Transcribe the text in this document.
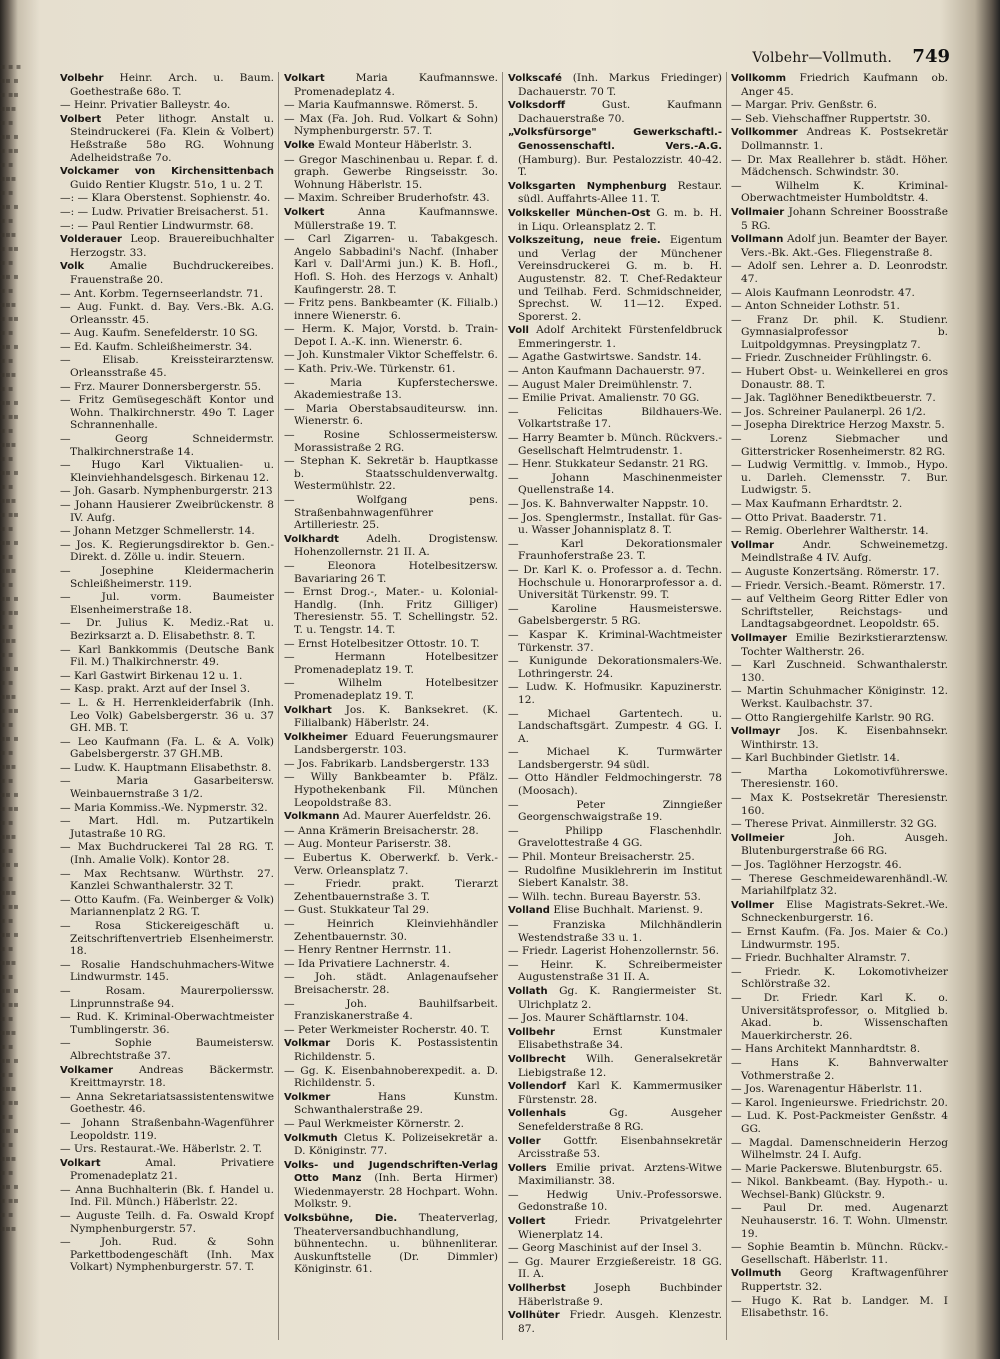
▪ ▪ ▪
▪▪ ▪
▪ ▪▪
▪▪▪
▪ ▪
▪▪ ▪
▪ ▪▪
▪ ▪
▪▪▪
▪ ▪
▪▪ ▪
▪ ▪
▪▪▪
▪ ▪▪
▪ ▪
▪▪ ▪
▪ ▪
▪▪▪
▪ ▪▪
▪ ▪
▪▪ ▪
▪ ▪
▪▪▪
▪ ▪
▪▪ ▪
▪ ▪▪
▪ ▪
▪▪▪
▪ ▪
▪▪ ▪
▪ ▪
▪▪▪
▪ ▪▪
▪ ▪
▪▪ ▪
▪ ▪
▪▪▪
▪ ▪
▪▪ ▪
▪ ▪▪
▪ ▪
▪▪▪
▪ ▪
▪▪ ▪
▪ ▪
▪▪▪
▪ ▪▪
▪ ▪
▪▪ ▪
▪ ▪
▪▪▪
▪ ▪
▪▪ ▪
▪ ▪▪
▪ ▪
▪▪▪
▪ ▪
▪▪ ▪
▪ ▪
▪▪▪
▪ ▪▪
▪ ▪
▪▪ ▪
▪ ▪
▪▪▪
▪ ▪
▪▪ ▪
▪ ▪▪
▪ ▪
▪▪▪
▪ ▪
▪▪ ▪
▪ ▪
▪▪▪
▪ ▪▪
▪ ▪
▪▪ ▪
▪ ▪
▪▪▪
▪ ▪
▪▪ ▪
▪ ▪▪
▪ ▪
▪▪▪
Volbehr—Vollmuth. 749
Volbehr Heinr. Arch. u. Baum. Goethestraße 68o. T.
— Heinr. Privatier Balleystr. 4o.
Volbert Peter lithogr. Anstalt u. Steindruckerei (Fa. Klein & Volbert) Heßstraße 58o RG. Wohnung Adelheidstraße 7o.
Volckamer von Kirchensittenbach Guido Rentier Klugstr. 51o, 1 u. 2 T.
—: — Klara Oberstenst. Sophienstr. 4o.
—: — Ludw. Privatier Breisacherst. 51.
—: — Paul Rentier Lindwurmstr. 68.
Volderauer Leop. Brauereibuchhalter Herzogstr. 33.
Volk Amalie Buchdruckereibes. Frauenstraße 20.
— Ant. Korbm. Tegernseerlandstr. 71.
— Aug. Funkt. d. Bay. Vers.-Bk. A.G. Orleansstr. 45.
— Aug. Kaufm. Senefelderstr. 10 SG.
— Ed. Kaufm. Schleißheimerstr. 34.
— Elisab. Kreissteirarztensw. Orleansstraße 45.
— Frz. Maurer Donnersbergerstr. 55.
— Fritz Gemüsegeschäft Kontor und Wohn. Thalkirchnerstr. 49o T. Lager Schrannenhalle.
— Georg Schneidermstr. Thalkirchnerstraße 14.
— Hugo Karl Viktualien- u. Kleinviehhandelsgesch. Birkenau 12.
— Joh. Gasarb. Nymphenburgerstr. 213
— Johann Hausierer Zweibrückenstr. 8 IV. Aufg.
— Johann Metzger Schmellerstr. 14.
— Jos. K. Regierungsdirektor b. Gen.-Direkt. d. Zölle u. indir. Steuern.
— Josephine Kleidermacherin Schleißheimerstr. 119.
— Jul. vorm. Baumeister Elsenheimerstraße 18.
— Dr. Julius K. Mediz.-Rat u. Bezirksarzt a. D. Elisabethstr. 8. T.
— Karl Bankkommis (Deutsche Bank Fil. M.) Thalkirchnerstr. 49.
— Karl Gastwirt Birkenau 12 u. 1.
— Kasp. prakt. Arzt auf der Insel 3.
— L. & H. Herrenkleiderfabrik (Inh. Leo Volk) Gabelsbergerstr. 36 u. 37 GH. MB. T.
— Leo Kaufmann (Fa. L. & A. Volk) Gabelsbergerstr. 37 GH.MB.
— Ludw. K. Hauptmann Elisabethstr. 8.
— Maria Gasarbeitersw. Weinbauernstraße 3 1/2.
— Maria Kommiss.-We. Nypmerstr. 32.
— Mart. Hdl. m. Putzartikeln Jutastraße 10 RG.
— Max Buchdruckerei Tal 28 RG. T. (Inh. Amalie Volk). Kontor 28.
— Max Rechtsanw. Würthstr. 27. Kanzlei Schwanthalerstr. 32 T.
— Otto Kaufm. (Fa. Weinberger & Volk) Mariannenplatz 2 RG. T.
— Rosa Stickereigeschäft u. Zeitschriftenvertrieb Elsenheimerstr. 18.
— Rosalie Handschuhmachers-Witwe Lindwurmstr. 145.
— Rosam. Maurerpolierssw. Linprunnstraße 94.
— Rud. K. Kriminal-Oberwachtmeister Tumblingerstr. 36.
— Sophie Baumeistersw. Albrechtstraße 37.
Volkamer Andreas Bäckermstr. Kreittmayrstr. 18.
— Anna Sekretariatsassistentenswitwe Goethestr. 46.
— Johann Straßenbahn-Wagenführer Leopoldstr. 119.
— Urs. Restaurat.-We. Häberlstr. 2. T.
Volkart Amal. Privatiere Promenadeplatz 21.
— Anna Buchhalterin (Bk. f. Handel u. Ind. Fil. Münch.) Häberlstr. 22.
— Auguste Teilh. d. Fa. Oswald Kropf Nymphenburgerstr. 57.
— Joh. Rud. & Sohn Parkettbodengeschäft (Inh. Max Volkart) Nymphenburgerstr. 57. T.
Volkart Maria Kaufmannswe. Promenadeplatz 4.
— Maria Kaufmannswe. Römerst. 5.
— Max (Fa. Joh. Rud. Volkart & Sohn) Nymphenburgerstr. 57. T.
Volke Ewald Monteur Häberlstr. 3.
— Gregor Maschinenbau u. Repar. f. d. graph. Gewerbe Ringseisstr. 3o. Wohnung Häberlstr. 15.
— Maxim. Schreiber Bruderhofstr. 43.
Volkert Anna Kaufmannswe. Müllerstraße 19. T.
— Carl Zigarren- u. Tabakgesch. Angelo Sabbadini's Nachf. (Inhaber Karl v. Dall'Armi jun.) K. B. Hofl., Hofl. S. Hoh. des Herzogs v. Anhalt) Kaufingerstr. 28. T.
— Fritz pens. Bankbeamter (K. Filialb.) innere Wienerstr. 6.
— Herm. K. Major, Vorstd. b. Train-Depot I. A.-K. inn. Wienerstr. 6.
— Joh. Kunstmaler Viktor Scheffelstr. 6.
— Kath. Priv.-We. Türkenstr. 61.
— Maria Kupferstecherswe. Akademiestraße 13.
— Maria Oberstabsauditeursw. inn. Wienerstr. 6.
— Rosine Schlossermeistersw. Morassistraße 2 RG.
— Stephan K. Sekretär b. Hauptkasse b. Staatsschuldenverwaltg. Westermühlstr. 22.
— Wolfgang pens. Straßenbahnwagenführer Artilleriestr. 25.
Volkhardt Adelh. Drogistensw. Hohenzollernstr. 21 II. A.
— Eleonora Hotelbesitzersw. Bavariaring 26 T.
— Ernst Drog.-, Mater.- u. Kolonial-Handlg. (Inh. Fritz Gilliger) Theresienstr. 55. T. Schellingstr. 52. T. u. Tengstr. 14. T.
— Ernst Hotelbesitzer Ottostr. 10. T.
— Hermann Hotelbesitzer Promenadeplatz 19. T.
— Wilhelm Hotelbesitzer Promenadeplatz 19. T.
Volkhart Jos. K. Banksekret. (K. Filialbank) Häberlstr. 24.
Volkheimer Eduard Feuerungsmaurer Landsbergerstr. 103.
— Jos. Fabrikarb. Landsbergerstr. 133
— Willy Bankbeamter b. Pfälz. Hypothekenbank Fil. München Leopoldstraße 83.
Volkmann Ad. Maurer Auerfeldstr. 26.
— Anna Krämerin Breisacherstr. 28.
— Aug. Monteur Pariserstr. 38.
— Eubertus K. Oberwerkf. b. Verk.-Verw. Orleansplatz 7.
— Friedr. prakt. Tierarzt Zehentbauernstraße 3. T.
— Gust. Stukkateur Tal 29.
— Heinrich Kleinviehhändler Zehentbauernstr. 30.
— Henry Rentner Herrnstr. 11.
— Ida Privatiere Lachnerstr. 4.
— Joh. städt. Anlagenaufseher Breisacherstr. 28.
— Joh. Bauhilfsarbeit. Franziskanerstraße 4.
— Peter Werkmeister Rocherstr. 40. T.
Volkmar Doris K. Postassistentin Richildenstr. 5.
— Gg. K. Eisenbahnoberexpedit. a. D. Richildenstr. 5.
Volkmer Hans Kunstm. Schwanthalerstraße 29.
— Paul Werkmeister Körnerstr. 2.
Volkmuth Cletus K. Polizeisekretär a. D. Königinstr. 77.
Volks- und Jugendschriften-Verlag Otto Manz (Inh. Berta Hirmer) Wiedenmayerstr. 28 Hochpart. Wohn. Molkstr. 9.
Volksbühne, Die. Theaterverlag, Theaterversandbuchhandlung, bühnentechn. u. bühnenliterar. Auskunftstelle (Dr. Dimmler) Königinstr. 61.
Volkscafé (Inh. Markus Friedinger) Dachauerstr. 70 T.
Volksdorff Gust. Kaufmann Dachauerstraße 70.
„Volksfürsorge" Gewerkschaftl.-Genossenschaftl. Vers.-A.G. (Hamburg). Bur. Pestalozzistr. 40-42. T.
Volksgarten Nymphenburg Restaur. südl. Auffahrts-Allee 11. T.
Volkskeller München-Ost G. m. b. H. in Liqu. Orleansplatz 2. T.
Volkszeitung, neue freie. Eigentum und Verlag der Münchener Vereinsdruckerei G. m. b. H. Augustenstr. 82. T. Chef-Redakteur und Teilhab. Ferd. Schmidschneider, Sprechst. W. 11—12. Exped. Sporerst. 2.
Voll Adolf Architekt Fürstenfeldbruck Emmeringerstr. 1.
— Agathe Gastwirtswe. Sandstr. 14.
— Anton Kaufmann Dachauerstr. 97.
— August Maler Dreimühlenstr. 7.
— Emilie Privat. Amalienstr. 70 GG.
— Felicitas Bildhauers-We. Volkartstraße 17.
— Harry Beamter b. Münch. Rückvers.-Gesellschaft Helmtrudenstr. 1.
— Henr. Stukkateur Sedanstr. 21 RG.
— Johann Maschinenmeister Quellenstraße 14.
— Jos. K. Bahnverwalter Nappstr. 10.
— Jos. Spenglermstr., Installat. für Gas- u. Wasser Johannisplatz 8. T.
— Karl Dekorationsmaler Fraunhoferstraße 23. T.
— Dr. Karl K. o. Professor a. d. Techn. Hochschule u. Honorarprofessor a. d. Universität Türkenstr. 99. T.
— Karoline Hausmeisterswe. Gabelsbergerstr. 5 RG.
— Kaspar K. Kriminal-Wachtmeister Türkenstr. 37.
— Kunigunde Dekorationsmalers-We. Lothringerstr. 24.
— Ludw. K. Hofmusikr. Kapuzinerstr. 12.
— Michael Gartentech. u. Landschaftsgärt. Zumpestr. 4 GG. I. A.
— Michael K. Turmwärter Landsbergerstr. 94 südl.
— Otto Händler Feldmochingerstr. 78 (Moosach).
— Peter Zinngießer Georgenschwaigstraße 19.
— Philipp Flaschenhdlr. Gravelottestraße 4 GG.
— Phil. Monteur Breisacherstr. 25.
— Rudolfine Musiklehrerin im Institut Siebert Kanalstr. 38.
— Wilh. techn. Bureau Bayerstr. 53.
Volland Elise Buchhalt. Marienst. 9.
— Franziska Milchhändlerin Westendstraße 33 u. 1.
— Friedr. Lagerist Hohenzollernstr. 56.
— Heinr. K. Schreibermeister Augustenstraße 31 II. A.
Vollath Gg. K. Rangiermeister St. Ulrichplatz 2.
— Jos. Maurer Schäftlarnstr. 104.
Vollbehr Ernst Kunstmaler Elisabethstraße 34.
Vollbrecht Wilh. Generalsekretär Liebigstraße 12.
Vollendorf Karl K. Kammermusiker Fürstenstr. 28.
Vollenhals Gg. Ausgeher Senefelderstraße 8 RG.
Voller Gottfr. Eisenbahnsekretär Arcisstraße 53.
Vollers Emilie privat. Arztens-Witwe Maximilianstr. 38.
— Hedwig Univ.-Professorswe. Gedonstraße 10.
Vollert Friedr. Privatgelehrter Wienerplatz 14.
— Georg Maschinist auf der Insel 3.
— Gg. Maurer Erzgießereistr. 18 GG. II. A.
Vollherbst Joseph Buchbinder Häberlstraße 9.
Vollhüter Friedr. Ausgeh. Klenzestr. 87.
Vollkomm Friedrich Kaufmann ob. Anger 45.
— Margar. Priv. Genßstr. 6.
— Seb. Viehschaffner Ruppertstr. 30.
Vollkommer Andreas K. Postsekretär Dollmannstr. 1.
— Dr. Max Reallehrer b. städt. Höher. Mädchensch. Schwindstr. 30.
— Wilhelm K. Kriminal-Oberwachtmeister Humboldtstr. 4.
Vollmaier Johann Schreiner Boosstraße 5 RG.
Vollmann Adolf jun. Beamter der Bayer. Vers.-Bk. Akt.-Ges. Fliegenstraße 8.
— Adolf sen. Lehrer a. D. Leonrodstr. 47.
— Alois Kaufmann Leonrodstr. 47.
— Anton Schneider Lothstr. 51.
— Franz Dr. phil. K. Studienr. Gymnasialprofessor b. Luitpoldgymnas. Preysingplatz 7.
— Friedr. Zuschneider Frühlingstr. 6.
— Hubert Obst- u. Weinkellerei en gros Donaustr. 88. T.
— Jak. Taglöhner Benediktbeuerstr. 7.
— Jos. Schreiner Paulanerpl. 26 1/2.
— Josepha Direktrice Herzog Maxstr. 5.
— Lorenz Siebmacher und Gitterstricker Rosenheimerstr. 82 RG.
— Ludwig Vermittlg. v. Immob., Hypo. u. Darleh. Clemensstr. 7. Bur. Ludwigstr. 5.
— Max Kaufmann Erhardtstr. 2.
— Otto Privat. Baaderstr. 71.
— Remig. Oberlehrer Waltherstr. 14.
Vollmar Andr. Schweinemetzg. Meindlstraße 4 IV. Aufg.
— Auguste Konzertsäng. Römerstr. 17.
— Friedr. Versich.-Beamt. Römerstr. 17.
— auf Veltheim Georg Ritter Edler von Schriftsteller, Reichstags- und Landtagsabgeordnet. Leopoldstr. 65.
Vollmayer Emilie Bezirkstierarztensw. Tochter Waltherstr. 26.
— Karl Zuschneid. Schwanthalerstr. 130.
— Martin Schuhmacher Königinstr. 12. Werkst. Kaulbachstr. 37.
— Otto Rangiergehilfe Karlstr. 90 RG.
Vollmayr Jos. K. Eisenbahnsekr. Winthirstr. 13.
— Karl Buchbinder Gietlstr. 14.
— Martha Lokomotivführerswe. Theresienstr. 160.
— Max K. Postsekretär Theresienstr. 160.
— Therese Privat. Ainmillerstr. 32 GG.
Vollmeier Joh. Ausgeh. Blutenburgerstraße 66 RG.
— Jos. Taglöhner Herzogstr. 46.
— Therese Geschmeidewarenhändl.-W. Mariahilfplatz 32.
Vollmer Elise Magistrats-Sekret.-We. Schneckenburgerstr. 16.
— Ernst Kaufm. (Fa. Jos. Maier & Co.) Lindwurmstr. 195.
— Friedr. Buchhalter Alramstr. 7.
— Friedr. K. Lokomotivheizer Schlörstraße 32.
— Dr. Friedr. Karl K. o. Universitätsprofessor, o. Mitglied b. Akad. b. Wissenschaften Mauerkircherstr. 26.
— Hans Architekt Mannhardtstr. 8.
— Hans K. Bahnverwalter Vothmerstraße 2.
— Jos. Warenagentur Häberlstr. 11.
— Karol. Ingenieurswe. Friedrichstr. 20.
— Lud. K. Post-Packmeister Genßstr. 4 GG.
— Magdal. Damenschneiderin Herzog Wilhelmstr. 24 I. Aufg.
— Marie Packerswe. Blutenburgstr. 65.
— Nikol. Bankbeamt. (Bay. Hypoth.- u. Wechsel-Bank) Glückstr. 9.
— Paul Dr. med. Augenarzt Neuhauserstr. 16. T. Wohn. Ulmenstr. 19.
— Sophie Beamtin b. Münchn. Rückv.-Gesellschaft. Häberlstr. 11.
Vollmuth Georg Kraftwagenführer Ruppertstr. 32.
— Hugo K. Rat b. Landger. M. I Elisabethstr. 16.
